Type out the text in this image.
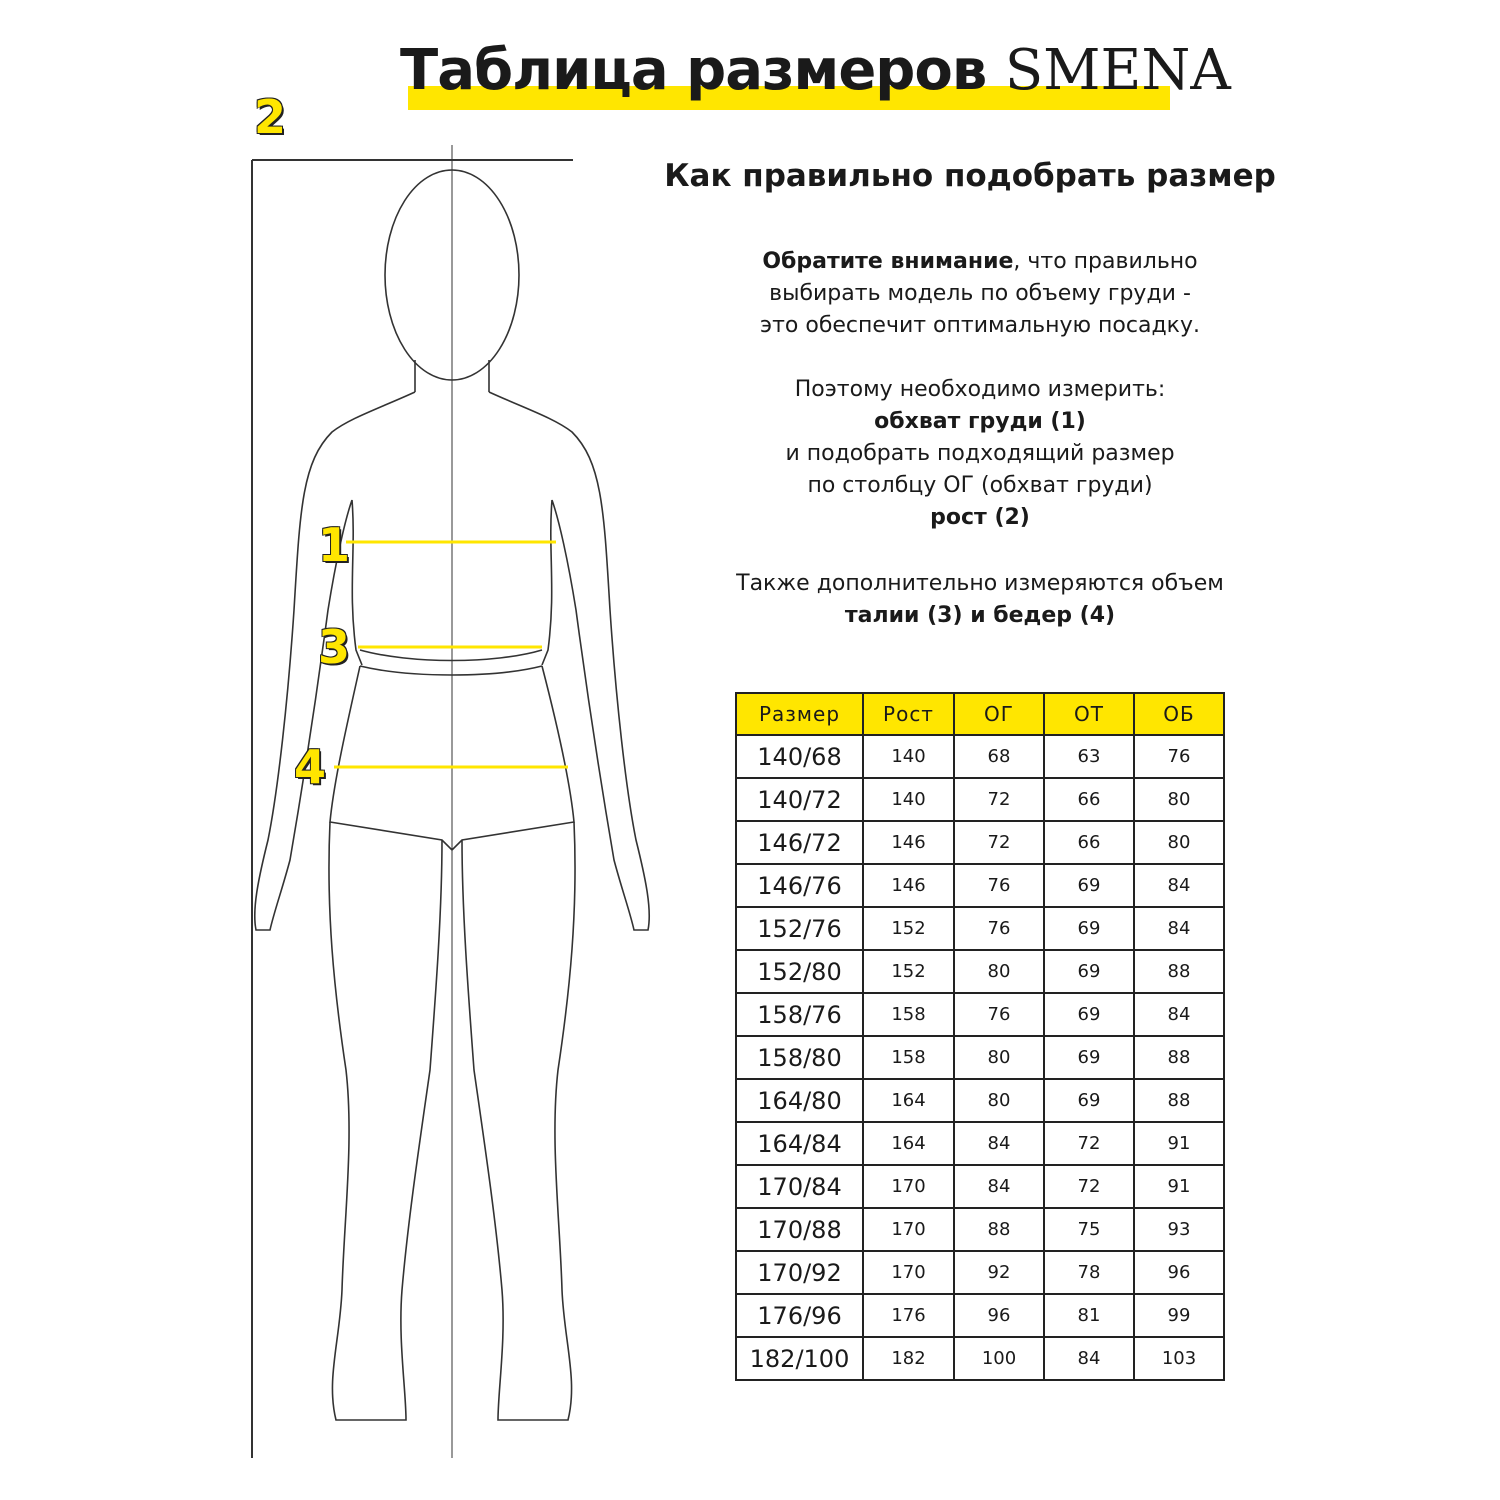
Таблица размеров SMENA
2
1
3
4
Как правильно подобрать размер
Обратите внимание, что правильно
выбирать модель по объему груди -
это обеспечит оптимальную посадку.
Поэтому необходимо измерить:
обхват груди (1)
и подобрать подходящий размер
по столбцу ОГ (обхват груди)
рост (2)
Также дополнительно измеряются объем
талии (3) и бедер (4)
Размер	Рост	ОГ	ОТ	ОБ
140/68	140	68	63	76
140/72	140	72	66	80
146/72	146	72	66	80
146/76	146	76	69	84
152/76	152	76	69	84
152/80	152	80	69	88
158/76	158	76	69	84
158/80	158	80	69	88
164/80	164	80	69	88
164/84	164	84	72	91
170/84	170	84	72	91
170/88	170	88	75	93
170/92	170	92	78	96
176/96	176	96	81	99
182/100	182	100	84	103
